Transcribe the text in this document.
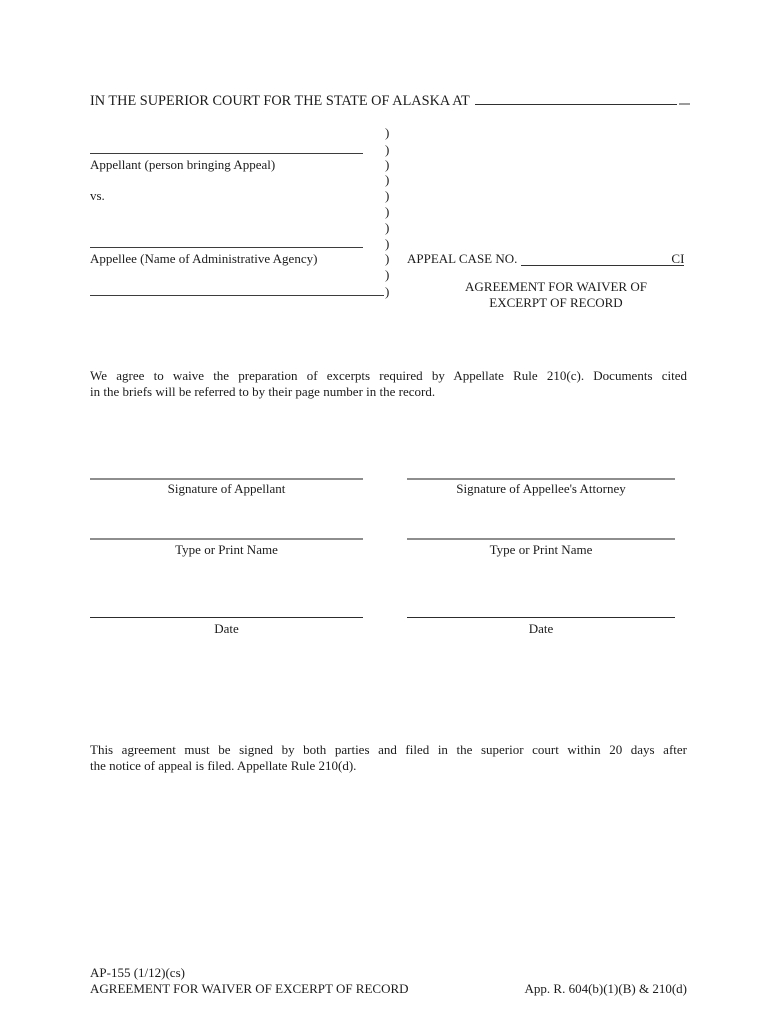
IN THE SUPERIOR COURT FOR THE STATE OF ALASKA AT
)
)
Appellant (person bringing Appeal)	)
)
vs.	)
)
)
)
Appellee (Name of Administrative Agency)	)	APPEAL CASE NO.	CI
)
)	AGREEMENT FOR WAIVER OF
EXCERPT OF RECORD
We agree to waive the preparation of excerpts required by Appellate Rule 210(c). Documents cited
in the briefs will be referred to by their page number in the record.
Signature of Appellant	Signature of Appellee's Attorney
Type or Print Name	Type or Print Name
Date	Date
This agreement must be signed by both parties and filed in the superior court within 20 days after
the notice of appeal is filed. Appellate Rule 210(d).
AP-155 (1/12)(cs)
AGREEMENT FOR WAIVER OF EXCERPT OF RECORD	App. R. 604(b)(1)(B) & 210(d)
